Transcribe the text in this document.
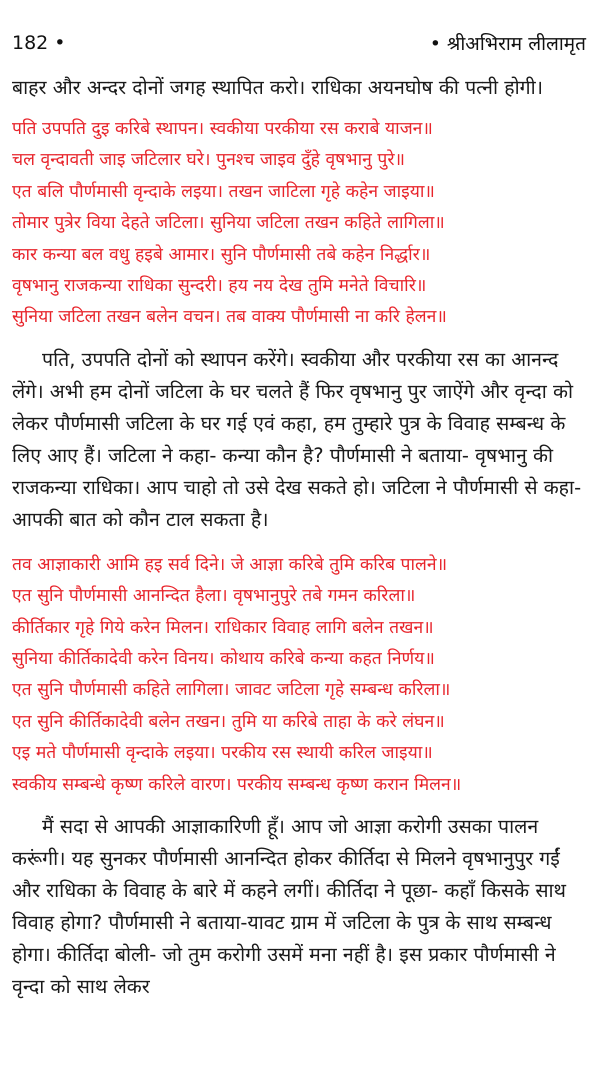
182 •	• श्रीअभिराम लीलामृत

बाहर और अन्दर दोनों जगह स्थापित करो। राधिका अयनघोष की पत्नी होगी।

पति उपपति दुइ करिबे स्थापन। स्वकीया परकीया रस कराबे याजन॥
चल वृन्दावती जाइ जटिलार घरे। पुनश्च जाइव दुँहे वृषभानु पुरे॥
एत बलि पौर्णमासी वृन्दाके लइया। तखन जाटिला गृहे कहेन जाइया॥
तोमार पुत्रेर विया देहते जटिला। सुनिया जटिला तखन कहिते लागिला॥
कार कन्या बल वधु हइबे आमार। सुनि पौर्णमासी तबे कहेन निर्द्धार॥
वृषभानु राजकन्या राधिका सुन्दरी। हय नय देख तुमि मनेते विचारि॥
सुनिया जटिला तखन बलेन वचन। तब वाक्य पौर्णमासी ना करि हेलन॥

पति, उपपति दोनों को स्थापन करेंगे। स्वकीया और परकीया रस का आनन्द लेंगे। अभी हम दोनों जटिला के घर चलते हैं फिर वृषभानु पुर जाऐंगे और वृन्दा को लेकर पौर्णमासी जटिला के घर गई एवं कहा, हम तुम्हारे पुत्र के विवाह सम्बन्ध के लिए आए हैं। जटिला ने कहा- कन्या कौन है? पौर्णमासी ने बताया- वृषभानु की राजकन्या राधिका। आप चाहो तो उसे देख सकते हो। जटिला ने पौर्णमासी से कहा- आपकी बात को कौन टाल सकता है।

तव आज्ञाकारी आमि हइ सर्व दिने। जे आज्ञा करिबे तुमि करिब पालने॥
एत सुनि पौर्णमासी आनन्दित हैला। वृषभानुपुरे तबे गमन करिला॥
कीर्तिकार गृहे गिये करेन मिलन। राधिकार विवाह लागि बलेन तखन॥
सुनिया कीर्तिकादेवी करेन विनय। कोथाय करिबे कन्या कहत निर्णय॥
एत सुनि पौर्णमासी कहिते लागिला। जावट जटिला गृहे सम्बन्ध करिला॥
एत सुनि कीर्तिकादेवी बलेन तखन। तुमि या करिबे ताहा के करे लंघन॥
एइ मते पौर्णमासी वृन्दाके लइया। परकीय रस स्थायी करिल जाइया॥
स्वकीय सम्बन्धे कृष्ण करिले वारण। परकीय सम्बन्ध कृष्ण करान मिलन॥

मैं सदा से आपकी आज्ञाकारिणी हूँ। आप जो आज्ञा करोगी उसका पालन करूंगी। यह सुनकर पौर्णमासी आनन्दित होकर कीर्तिदा से मिलने वृषभानुपुर गईं और राधिका के विवाह के बारे में कहने लगीं। कीर्तिदा ने पूछा- कहाँ किसके साथ विवाह होगा? पौर्णमासी ने बताया-यावट ग्राम में जटिला के पुत्र के साथ सम्बन्ध होगा। कीर्तिदा बोली- जो तुम करोगी उसमें मना नहीं है। इस प्रकार पौर्णमासी ने वृन्दा को साथ लेकर
